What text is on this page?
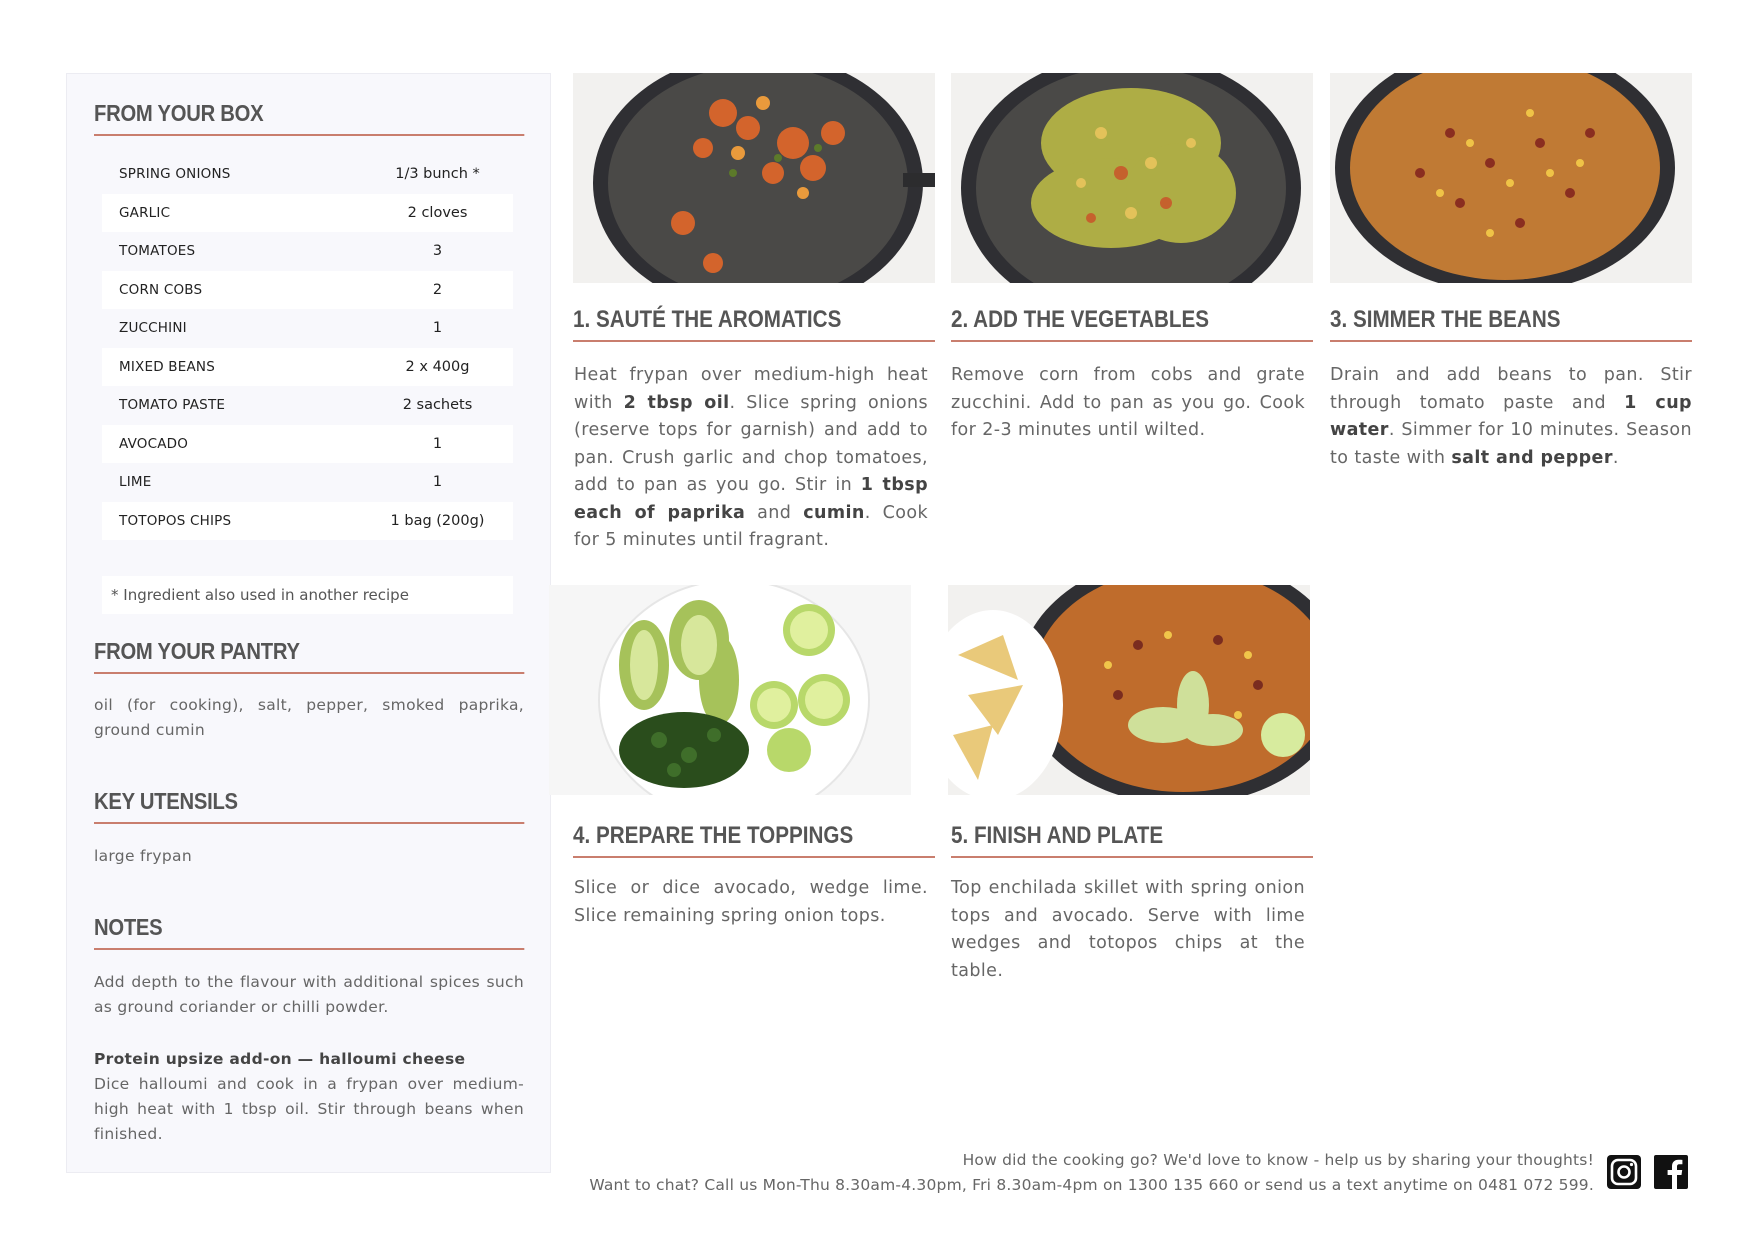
FROM YOUR BOX
SPRING ONIONS	1/3 bunch *
GARLIC	2 cloves
TOMATOES	3
CORN COBS	2
ZUCCHINI	1
MIXED BEANS	2 x 400g
TOMATO PASTE	2 sachets
AVOCADO	1
LIME	1
TOTOPOS CHIPS	1 bag (200g)
* Ingredient also used in another recipe
FROM YOUR PANTRY
oil (for cooking), salt, pepper, smoked paprika, ground cumin
KEY UTENSILS
large frypan
NOTES
Add depth to the flavour with additional spices such as ground coriander or chilli powder.
Protein upsize add-on — halloumi cheese
Dice halloumi and cook in a frypan over medium-high heat with 1 tbsp oil. Stir through beans when finished.
1. SAUTÉ THE AROMATICS
Heat frypan over medium-high heat with 2 tbsp oil. Slice spring onions (reserve tops for garnish) and add to pan. Crush garlic and chop tomatoes, add to pan as you go. Stir in 1 tbsp each of paprika and cumin. Cook for 5 minutes until fragrant.
2. ADD THE VEGETABLES
Remove corn from cobs and grate zucchini. Add to pan as you go. Cook for 2-3 minutes until wilted.
3. SIMMER THE BEANS
Drain and add beans to pan. Stir through tomato paste and 1 cup water. Simmer for 10 minutes. Season to taste with salt and pepper.
4. PREPARE THE TOPPINGS
Slice or dice avocado, wedge lime. Slice remaining spring onion tops.
5. FINISH AND PLATE
Top enchilada skillet with spring onion tops and avocado. Serve with lime wedges and totopos chips at the table.
How did the cooking go? We'd love to know - help us by sharing your thoughts!
Want to chat? Call us Mon-Thu 8.30am-4.30pm, Fri 8.30am-4pm on 1300 135 660 or send us a text anytime on 0481 072 599.
